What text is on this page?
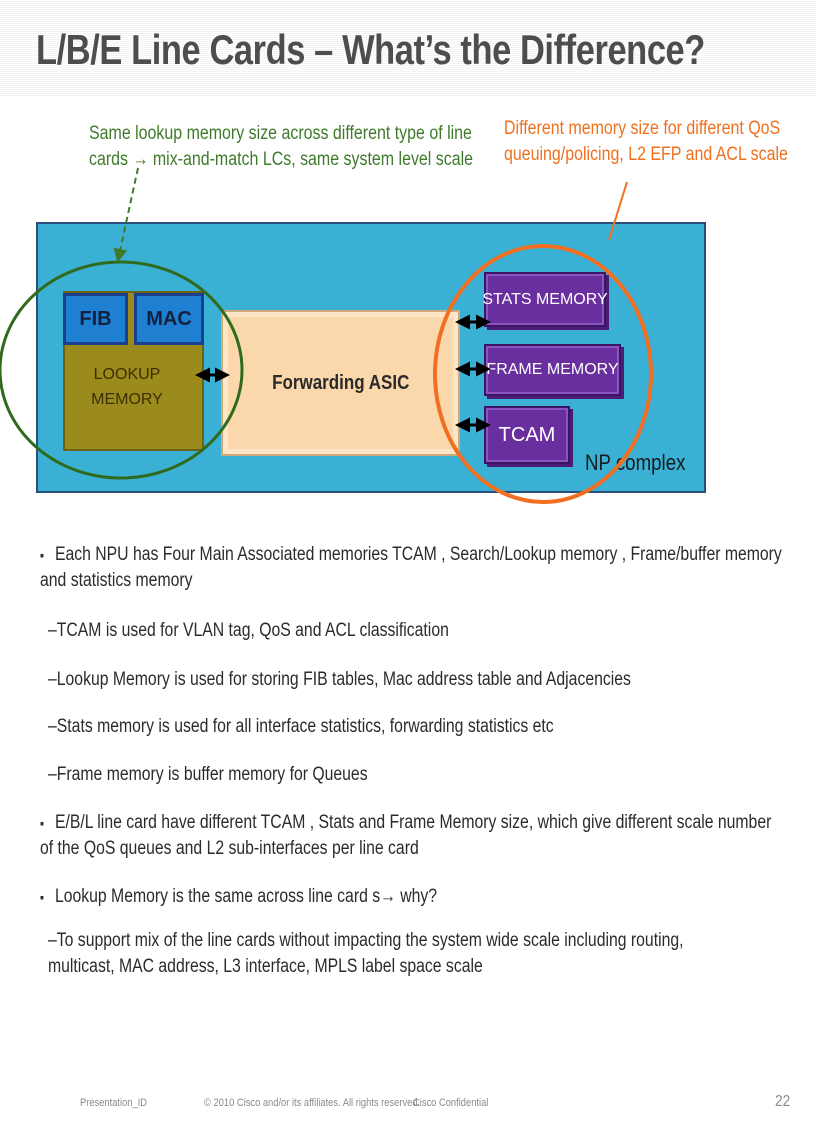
L/B/E Line Cards – What’s the Difference?

Same lookup memory size across different type of line cards → mix-and-match LCs, same system level scale

Different memory size for different QoS queuing/policing, L2 EFP and ACL scale

FIB MAC
LOOKUP MEMORY
Forwarding ASIC
STATS MEMORY
FRAME MEMORY
TCAM
NP complex
▪ Each NPU has Four Main Associated memories TCAM , Search/Lookup memory , Frame/buffer memory and statistics memory
▪ E/B/L line card have different TCAM , Stats and Frame Memory size, which give different scale number of the QoS queues and L2 sub-interfaces per line card
▪ Lookup Memory is the same across line card s→ why?
–TCAM is used for VLAN tag, QoS and ACL classification
–Lookup Memory is used for storing FIB tables, Mac address table and Adjacencies
–Stats memory is used for all interface statistics, forwarding statistics etc
–Frame memory is buffer memory for Queues
–To support mix of the line cards without impacting the system wide scale including routing, multicast, MAC address, L3 interface, MPLS label space scale
Presentation_ID	© 2010 Cisco and/or its affiliates. All rights reserved.
Cisco Confidential	22
